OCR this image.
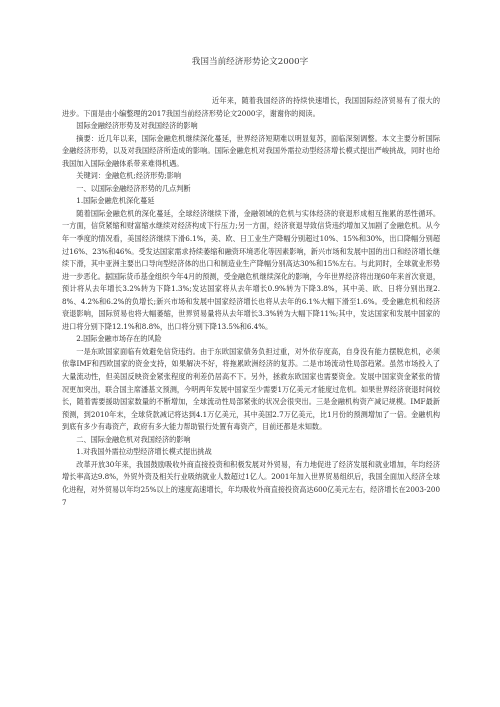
我国当前经济形势论文2000字

近年来，随着我国经济的持续快速增长，我国国际经济贸易有了很大的进步。下面是由小编整理的2017我国当前经济形势论文2000字，谢谢你的阅读。

国际金融经济形势及对我国经济的影响

摘要：近几年以来，国际金融危机继续深化蔓延，世界经济短期难以明显复苏，面临深刻调整。本文主要分析国际金融经济形势，以及对我国经济所造成的影响。国际金融危机对我国外需拉动型经济增长模式提出严峻挑战，同时也给我国加入国际金融体系带来难得机遇。

关键词：金融危机;经济形势;影响

一、以国际金融经济形势的几点判断

1.国际金融危机深化蔓延

随着国际金融危机的深化蔓延，全球经济继续下滑，金融领域的危机与实体经济的衰退形成相互拖累的恶性循环。一方面，信贷紧缩和财富缩水继续对经济构成下行压力;另一方面，经济衰退导致信贷违约增加又加剧了金融危机。从今年一季度的情况看，美国经济继续下滑6.1%，美、欧、日工业生产降幅分别超过10%、15%和30%，出口降幅分别超过16%、23%和46%。受发达国家需求持续萎缩和融资环境恶化等因素影响，新兴市场和发展中国的出口和经济增长继续下滑，其中亚洲主要出口导向型经济体的出口和制造业生产降幅分别高达30%和15%左右。与此同时，全球就业形势进一步恶化。据国际货币基金组织今年4月的预测，受金融危机继续深化的影响，今年世界经济将出现60年来首次衰退，预计将从去年增长3.2%转为下降1.3%;发达国家将从去年增长0.9%转为下降3.8%，其中美、欧、日将分别出现2.8%、4.2%和6.2%的负增长;新兴市场和发展中国家经济增长也将从去年的6.1%大幅下滑至1.6%。受金融危机和经济衰退影响，国际贸易也将大幅萎缩，世界贸易量将从去年增长3.3%转为大幅下降11%;其中，发达国家和发展中国家的进口将分别下降12.1%和8.8%，出口将分别下降13.5%和6.4%。

2.国际金融市场存在的风险

一是东欧国家面临有效避免信贷违约。由于东欧国家债务负担过重，对外依存度高，自身没有能力摆脱危机，必须依靠IMF和西欧国家的资金支持，如果解决不好，将拖累欧洲经济的复苏。二是市场流动性局部趋紧。虽然市场投入了大量流动性，但美国反映资金紧张程度的利差仍居高不下。另外，拯救东欧国家也需要资金。发展中国家资金紧张的情况更加突出，联合国主席潘基文预测，今明两年发展中国家至少需要1万亿美元才能度过危机。如果世界经济衰退时间较长，随着需要援助国家数量的不断增加，全球流动性局部紧张的状况会很突出。三是金融机构资产减记规模。IMF最新预测，到2010年末，全球贷款减记将达到4.1万亿美元，其中美国2.7万亿美元，比1月份的预测增加了一倍。金融机构到底有多少有毒资产，政府有多大能力帮助银行处置有毒资产，目前还都是未知数。

二、国际金融危机对我国经济的影响

1.对我国外需拉动型经济增长模式提出挑战

改革开放30年来，我国鼓励吸收外商直接投资和积极发展对外贸易，有力地促进了经济发展和就业增加，年均经济增长率高达9.8%，外贸外资及相关行业吸纳就业人数超过1亿人。2001年加入世界贸易组织后，我国全面加入经济全球化进程，对外贸易以年均25%以上的速度高速增长，年均吸收外商直接投资高达600亿美元左右，经济增长在2003-2007
